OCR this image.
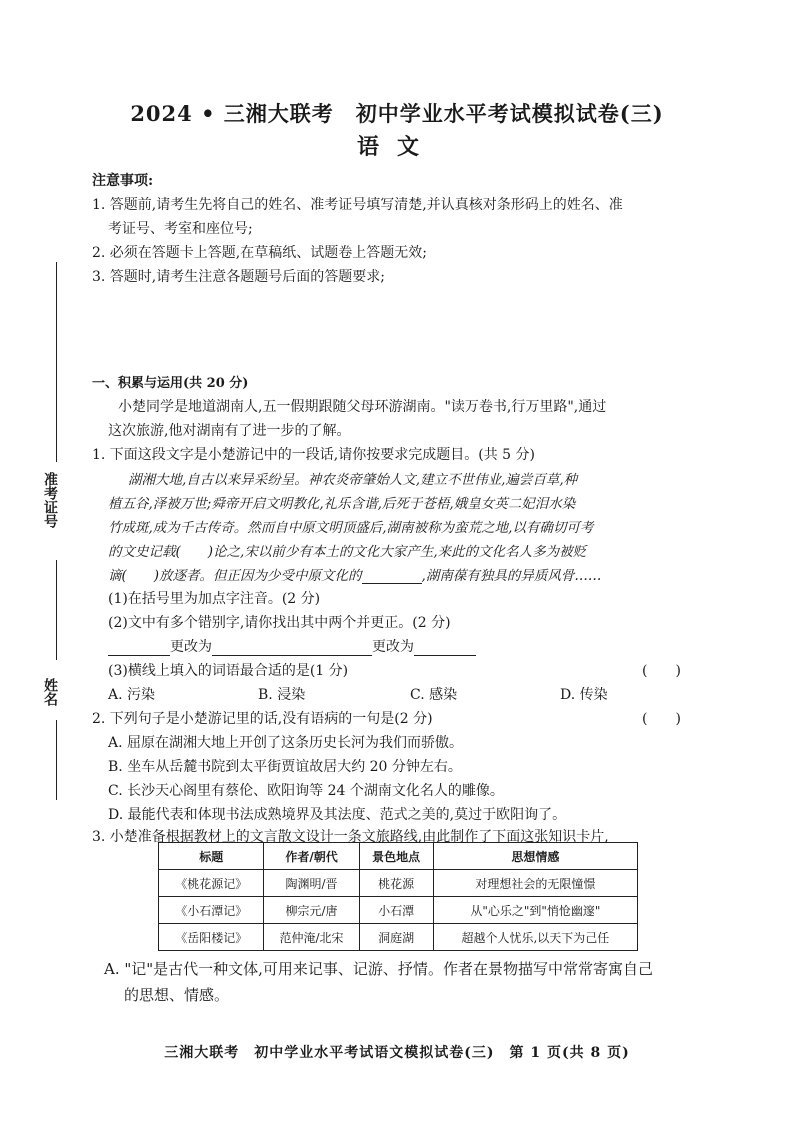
2024 • 三湘大联考　初中学业水平考试模拟试卷(三)
语文
注意事项:
1. 答题前,请考生先将自己的姓名、准考证号填写清楚,并认真核对条形码上的姓名、准
考证号、考室和座位号;
2. 必须在答题卡上答题,在草稿纸、试题卷上答题无效;
3. 答题时,请考生注意各题题号后面的答题要求;
准考证号
姓名
一、积累与运用(共 20 分)
小楚同学是地道湖南人,五一假期跟随父母环游湖南。"读万卷书,行万里路",通过
这次旅游,他对湖南有了进一步的了解。
1. 下面这段文字是小楚游记中的一段话,请你按要求完成题目。(共 5 分)
湖湘大地,自古以来异采纷呈。神农炎帝肇始人文,建立不世伟业,遍尝百草,种
植五谷,泽被万世;舜帝开启文明教化,礼乐含谐,后死于苍梧,娥皇女英二妃泪水染
竹成斑,成为千古传奇。然而自中原文明顶盛后,湖南被称为蛮荒之地,以有确切可考
的文史记载(　　)论之,宋以前少有本土的文化大家产生,来此的文化名人多为被贬
谪(　　)放逐者。但正因为少受中原文化的	,湖南葆有独具的异质风骨……
(1)在括号里为加点字注音。(2 分)
(2)文中有多个错别字,请你找出其中两个并更正。(2 分)
更改为	更改为
(3)横线上填入的词语最合适的是(1 分)	(　　)
A. 污染	B. 浸染	C. 感染	D. 传染
2. 下列句子是小楚游记里的话,没有语病的一句是(2 分)	(　　)
A. 屈原在湖湘大地上开创了这条历史长河为我们而骄傲。
B. 坐车从岳麓书院到太平街贾谊故居大约 20 分钟左右。
C. 长沙天心阁里有蔡伦、欧阳询等 24 个湖南文化名人的雕像。
D. 最能代表和体现书法成熟境界及其法度、范式之美的,莫过于欧阳询了。
3. 小楚准备根据教材上的文言散文设计一条文旅路线,由此制作了下面这张知识卡片,
标题	作者/朝代	景色地点	思想情感
《桃花源记》	陶渊明/晋	桃花源	对理想社会的无限憧憬
《小石潭记》	柳宗元/唐	小石潭	从"心乐之"到"悄怆幽邃"
《岳阳楼记》	范仲淹/北宋	洞庭湖	超越个人忧乐,以天下为己任
A. "记"是古代一种文体,可用来记事、记游、抒情。作者在景物描写中常常寄寓自己
的思想、情感。
三湘大联考　初中学业水平考试语文模拟试卷(三)　第 1 页(共 8 页)
